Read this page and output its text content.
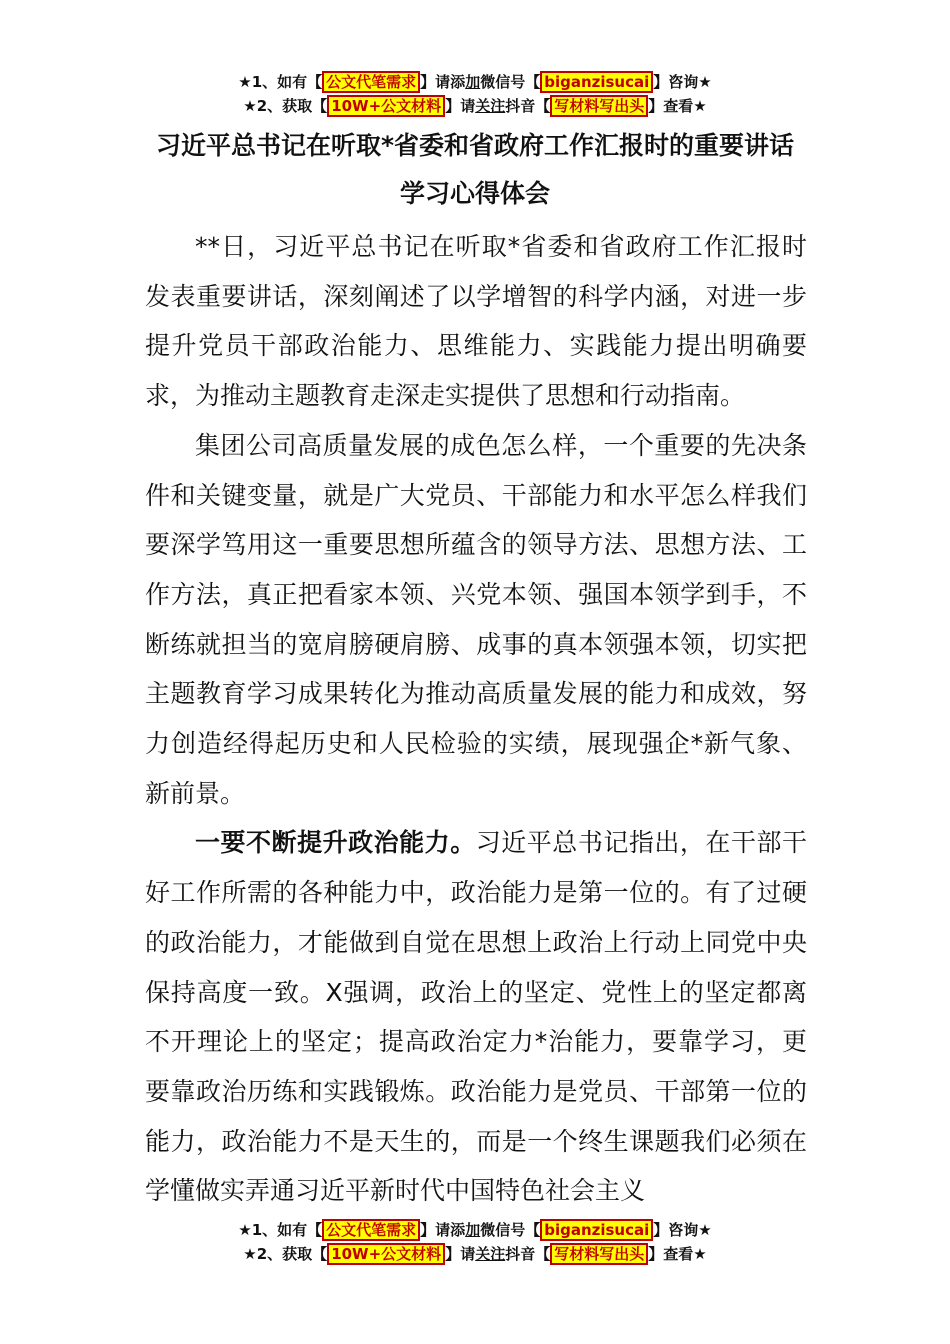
★1、如有【 公文代笔需求 】请添加微信号【 biganzisucai 】咨询★
★2、获取【 10W+公文材料 】请关注抖音【 写材料写出头 】查看★
习近平总书记在听取*省委和省政府工作汇报时的重要讲话
学习心得体会

**日，习近平总书记在听取*省委和省政府工作汇报时发表重要讲话，深刻阐述了以学增智的科学内涵，对进一步提升党员干部政治能力、思维能力、实践能力提出明确要求，为推动主题教育走深走实提供了思想和行动指南。

集团公司高质量发展的成色怎么样，一个重要的先决条件和关键变量，就是广大党员、干部能力和水平怎么样我们要深学笃用这一重要思想所蕴含的领导方法、思想方法、工作方法，真正把看家本领、兴党本领、强国本领学到手，不断练就担当的宽肩膀硬肩膀、成事的真本领强本领，切实把主题教育学习成果转化为推动高质量发展的能力和成效，努力创造经得起历史和人民检验的实绩，展现强企*新气象、新前景。

一要不断提升政治能力。习近平总书记指出，在干部干好工作所需的各种能力中，政治能力是第一位的。有了过硬的政治能力，才能做到自觉在思想上政治上行动上同党中央保持高度一致。X强调，政治上的坚定、党性上的坚定都离不开理论上的坚定；提高政治定力*治能力，要靠学习，更要靠政治历练和实践锻炼。政治能力是党员、干部第一位的能力，政治能力不是天生的，而是一个终生课题我们必须在学懂做实弄通习近平新时代中国特色社会主义

★1、如有【 公文代笔需求 】请添加微信号【 biganzisucai 】咨询★
★2、获取【 10W+公文材料 】请关注抖音【 写材料写出头 】查看★
